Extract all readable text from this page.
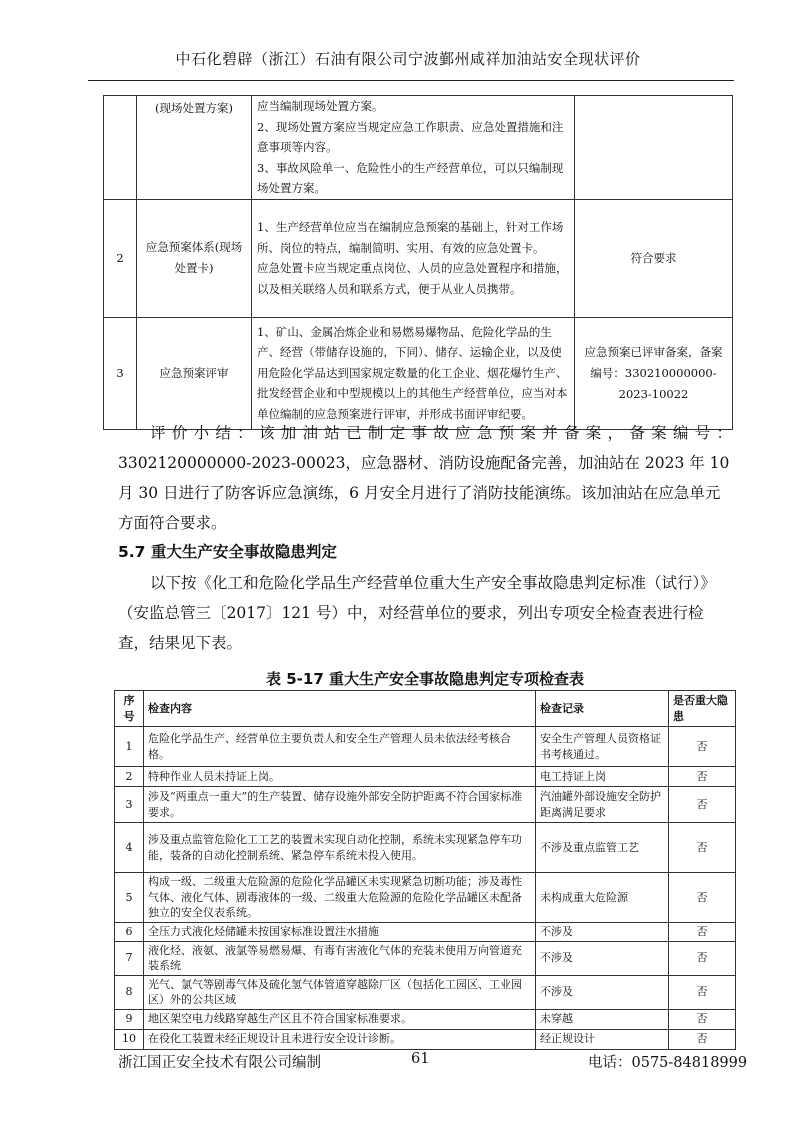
中石化碧辟（浙江）石油有限公司宁波鄞州咸祥加油站安全现状评价
	(现场处置方案)	应当编制现场处置方案。
2、现场处置方案应当规定应急工作职责、应急处置措施和注意事项等内容。
3、事故风险单一、危险性小的生产经营单位，可以只编制现场处置方案。	

2	应急预案体系(现场处置卡)	1、生产经营单位应当在编制应急预案的基础上，针对工作场所、岗位的特点，编制简明、实用、有效的应急处置卡。
应急处置卡应当规定重点岗位、人员的应急处置程序和措施，以及相关联络人员和联系方式，便于从业人员携带。	符合要求
3	应急预案评审	1、矿山、金属冶炼企业和易燃易爆物品、危险化学品的生产、经营（带储存设施的，下同）、储存、运输企业，以及使用危险化学品达到国家规定数量的化工企业、烟花爆竹生产、批发经营企业和中型规模以上的其他生产经营单位，应当对本单位编制的应急预案进行评审，并形成书面评审纪要。	应急预案已评审备案，备案编号：330210000000-2023-10022
评价小结：该加油站已制定事故应急预案并备案，备案编号：
3302120000000-2023-00023，应急器材、消防设施配备完善，加油站在 2023 年 10 月 30 日进行了防客诉应急演练，6 月安全月进行了消防技能演练。该加油站在应急单元方面符合要求。
5.7 重大生产安全事故隐患判定
以下按《化工和危险化学品生产经营单位重大生产安全事故隐患判定标准（试行）》（安监总管三〔2017〕121 号）中，对经营单位的要求，列出专项安全检查表进行检查，结果见下表。
表 5-17 重大生产安全事故隐患判定专项检查表
序号	检查内容	检查记录	是否重大隐患
1	危险化学品生产、经营单位主要负责人和安全生产管理人员未依法经考核合格。	安全生产管理人员资格证书考核通过。	否
2	特种作业人员未持证上岗。	电工持证上岗	否
3	涉及“两重点一重大”的生产装置、储存设施外部安全防护距离不符合国家标准要求。	汽油罐外部设施安全防护距离满足要求	否
4	涉及重点监管危险化工工艺的装置未实现自动化控制，系统未实现紧急停车功能，装备的自动化控制系统、紧急停车系统未投入使用。	不涉及重点监管工艺	否
5	构成一级、二级重大危险源的危险化学品罐区未实现紧急切断功能；涉及毒性气体、液化气体、剧毒液体的一级、二级重大危险源的危险化学品罐区未配备独立的安全仪表系统。	未构成重大危险源	否
6	全压力式液化烃储罐未按国家标准设置注水措施	不涉及	否
7	液化烃、液氨、液氯等易燃易爆、有毒有害液化气体的充装未使用万向管道充装系统	不涉及	否
8	光气、氯气等剧毒气体及硫化氢气体管道穿越除厂区（包括化工园区、工业园区）外的公共区域	不涉及	否
9	地区架空电力线路穿越生产区且不符合国家标准要求。	未穿越	否
10	在役化工装置未经正规设计且未进行安全设计诊断。	经正规设计	否
浙江国正安全技术有限公司编制	61	电话：0575-84818999
